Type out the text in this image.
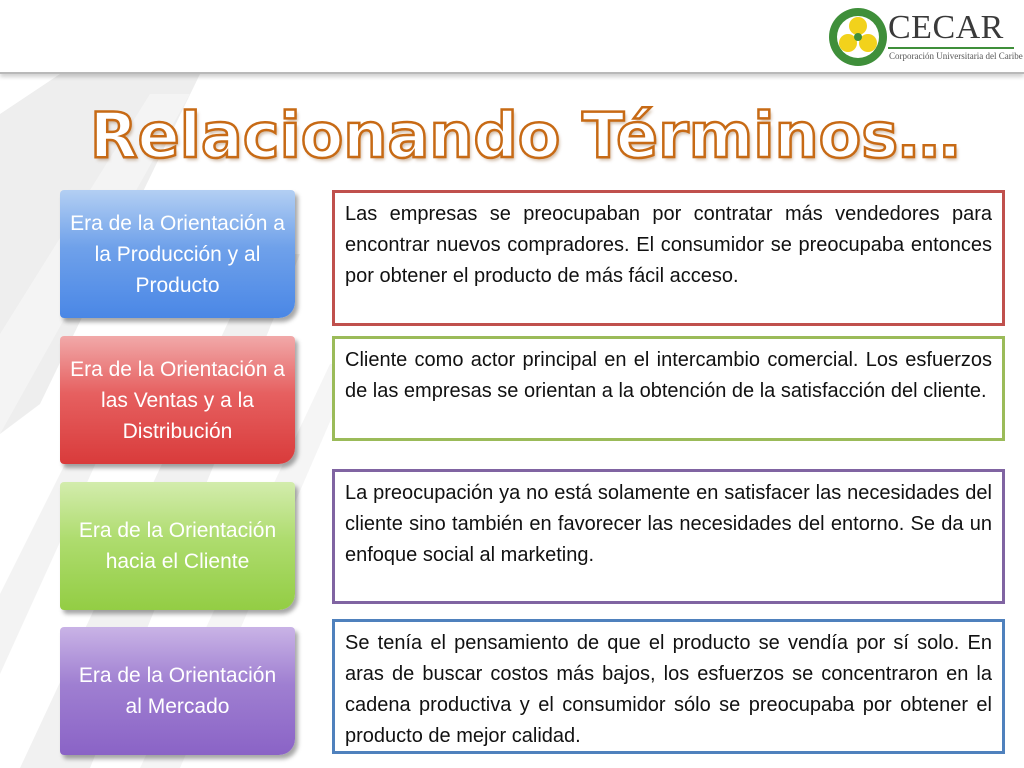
CECAR
Corporación Universitaria del Caribe
Relacionando Términos…
Era de la Orientación a la Producción y al Producto
Era de la Orientación a las Ventas y a la Distribución
Era de la Orientación hacia el Cliente
Era de la Orientación al Mercado
Las empresas se preocupaban por contratar más vendedores para encontrar nuevos compradores. El consumidor se preocupaba entonces por obtener el producto de más fácil acceso.
Cliente como actor principal en el intercambio comercial. Los esfuerzos de las empresas se orientan a la obtención de la satisfacción del cliente.
La preocupación ya no está solamente en satisfacer las necesidades del cliente sino también en favorecer las necesidades del entorno. Se da un enfoque social al marketing.
Se tenía el pensamiento de que el producto se vendía por sí solo. En aras de buscar costos más bajos, los esfuerzos se concentraron en la cadena productiva y el consumidor sólo se preocupaba por obtener el producto de mejor calidad.
